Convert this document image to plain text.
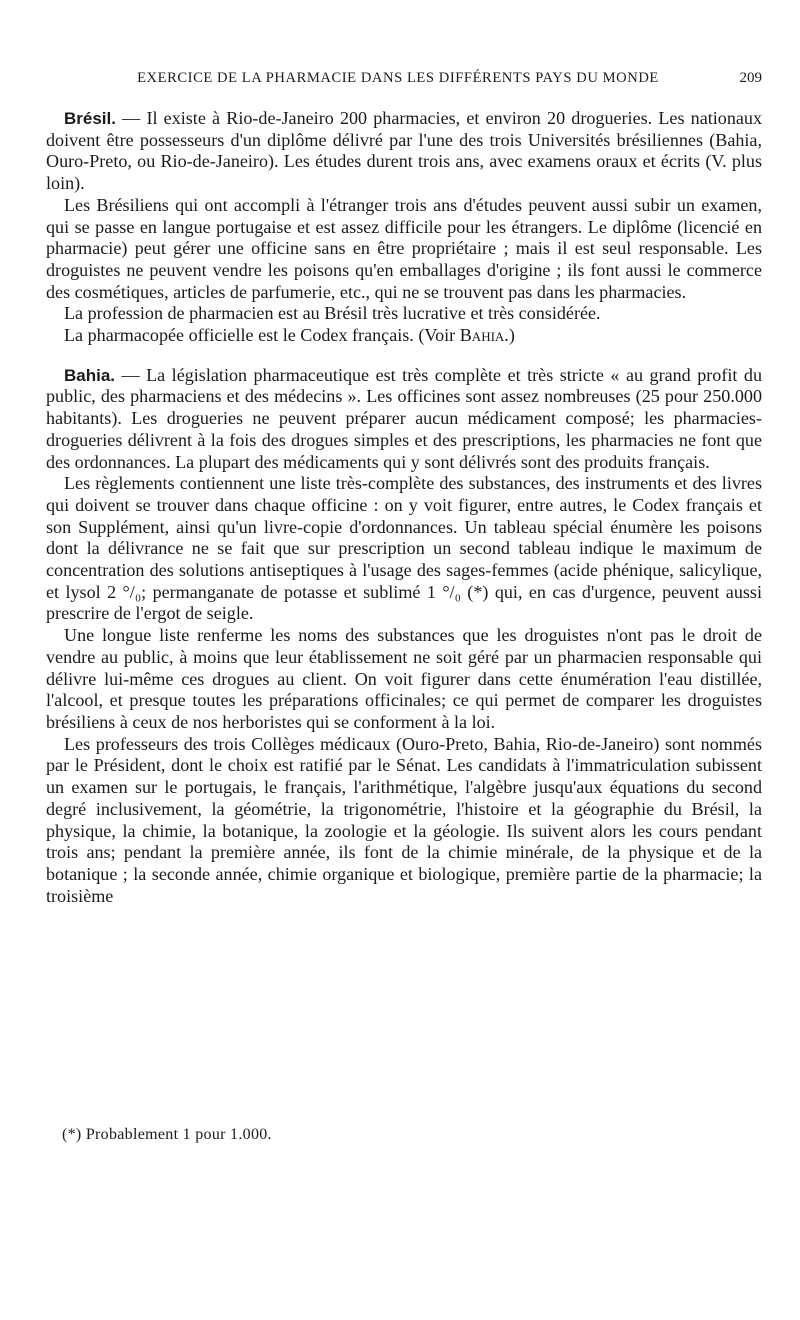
EXERCICE DE LA PHARMACIE DANS LES DIFFÉRENTS PAYS DU MONDE	209

Brésil. — Il existe à Rio-de-Janeiro 200 pharmacies, et environ 20 drogueries. Les nationaux doivent être possesseurs d'un diplôme délivré par l'une des trois Universités brésiliennes (Bahia, Ouro-Preto, ou Rio-de-Janeiro). Les études durent trois ans, avec examens oraux et écrits (V. plus loin).

Les Brésiliens qui ont accompli à l'étranger trois ans d'études peuvent aussi subir un examen, qui se passe en langue portugaise et est assez difficile pour les étrangers. Le diplôme (licencié en pharmacie) peut gérer une officine sans en être propriétaire ; mais il est seul responsable. Les droguistes ne peuvent vendre les poisons qu'en emballages d'origine ; ils font aussi le commerce des cosmétiques, articles de parfumerie, etc., qui ne se trouvent pas dans les pharmacies.

La profession de pharmacien est au Brésil très lucrative et très considérée.

La pharmacopée officielle est le Codex français. (Voir Bahia.)

Bahia. — La législation pharmaceutique est très complète et très stricte « au grand profit du public, des pharmaciens et des médecins ». Les officines sont assez nombreuses (25 pour 250.000 habitants). Les drogueries ne peuvent préparer aucun médicament composé; les pharmacies-drogueries délivrent à la fois des drogues simples et des prescriptions, les pharmacies ne font que des ordonnances. La plupart des médicaments qui y sont délivrés sont des produits français.

Les règlements contiennent une liste très-complète des substances, des instruments et des livres qui doivent se trouver dans chaque officine : on y voit figurer, entre autres, le Codex français et son Supplément, ainsi qu'un livre-copie d'ordonnances. Un tableau spécial énumère les poisons dont la délivrance ne se fait que sur prescription un second tableau indique le maximum de concentration des solutions antiseptiques à l'usage des sages-femmes (acide phénique, salicylique, et lysol 2 °/₀; permanganate de potasse et sublimé 1 °/₀ (*) qui, en cas d'urgence, peuvent aussi prescrire de l'ergot de seigle.

Une longue liste renferme les noms des substances que les droguistes n'ont pas le droit de vendre au public, à moins que leur établissement ne soit géré par un pharmacien responsable qui délivre lui-même ces drogues au client. On voit figurer dans cette énumération l'eau distillée, l'alcool, et presque toutes les préparations officinales; ce qui permet de comparer les droguistes brésiliens à ceux de nos herboristes qui se conforment à la loi.

Les professeurs des trois Collèges médicaux (Ouro-Preto, Bahia, Rio-de-Janeiro) sont nommés par le Président, dont le choix est ratifié par le Sénat. Les candidats à l'immatriculation subissent un examen sur le portugais, le français, l'arithmétique, l'algèbre jusqu'aux équations du second degré inclusivement, la géométrie, la trigonométrie, l'histoire et la géographie du Brésil, la physique, la chimie, la botanique, la zoologie et la géologie. Ils suivent alors les cours pendant trois ans; pendant la première année, ils font de la chimie minérale, de la physique et de la botanique ; la seconde année, chimie organique et biologique, première partie de la pharmacie; la troisième

(*) Probablement 1 pour 1.000.
